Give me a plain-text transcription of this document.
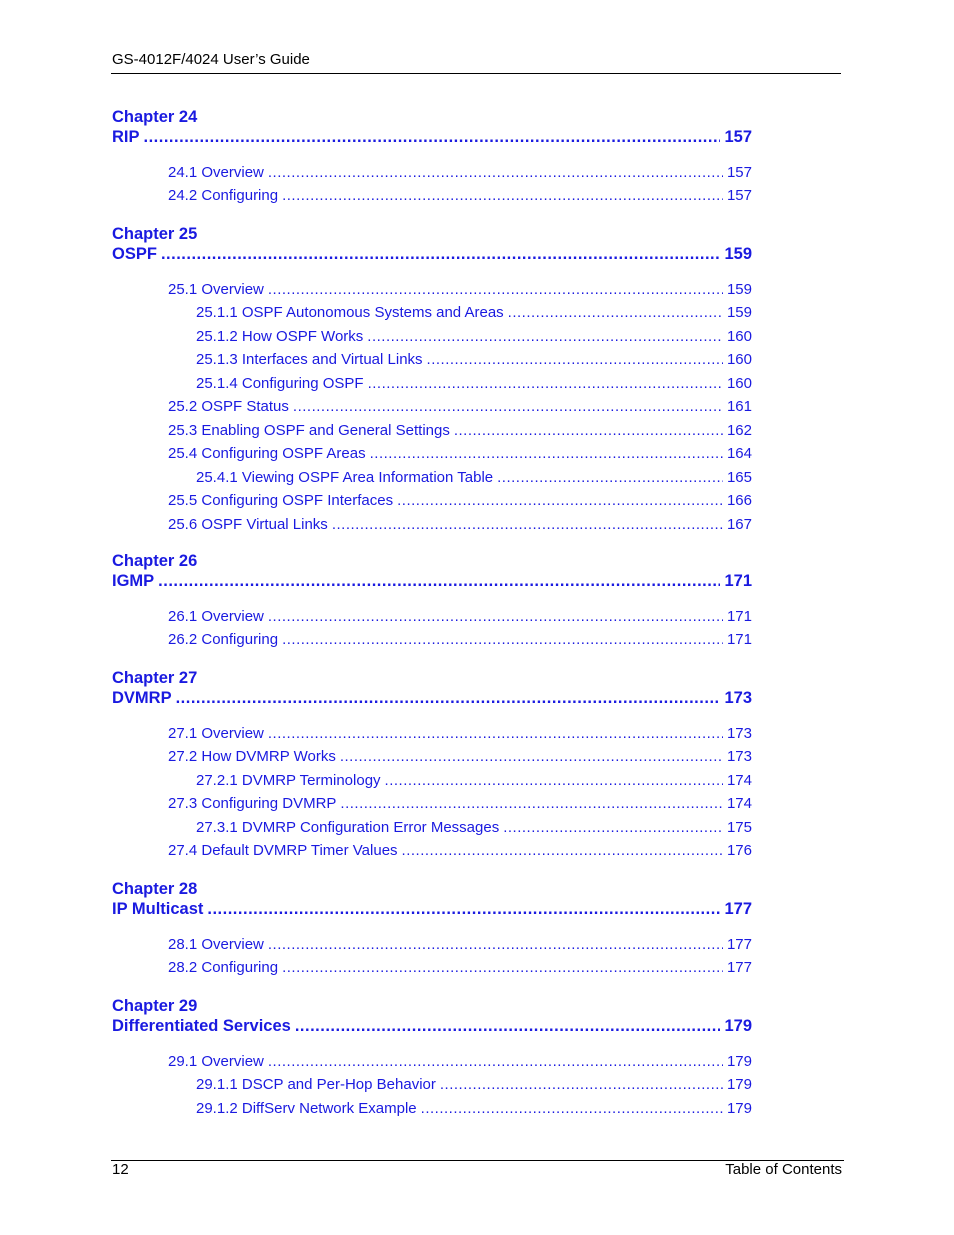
GS-4012F/4024 User’s Guide
Chapter 24
RIP .....	157
24.1 Overview .....	157
24.2 Configuring .....	157
Chapter 25
OSPF .....	159
25.1 Overview .....	159
25.1.1 OSPF Autonomous Systems and Areas .....	159
25.1.2 How OSPF Works .....	160
25.1.3 Interfaces and Virtual Links .....	160
25.1.4 Configuring OSPF .....	160
25.2 OSPF Status .....	161
25.3 Enabling OSPF and General Settings .....	162
25.4 Configuring OSPF Areas .....	164
25.4.1 Viewing OSPF Area Information Table .....	165
25.5 Configuring OSPF Interfaces .....	166
25.6 OSPF Virtual Links .....	167
Chapter 26
IGMP .....	171
26.1 Overview .....	171
26.2 Configuring .....	171
Chapter 27
DVMRP .....	173
27.1 Overview .....	173
27.2 How DVMRP Works .....	173
27.2.1 DVMRP Terminology .....	174
27.3 Configuring DVMRP .....	174
27.3.1 DVMRP Configuration Error Messages .....	175
27.4 Default DVMRP Timer Values .....	176
Chapter 28
IP Multicast .....	177
28.1 Overview .....	177
28.2 Configuring .....	177
Chapter 29
Differentiated Services .....	179
29.1 Overview .....	179
29.1.1 DSCP and Per-Hop Behavior .....	179
29.1.2 DiffServ Network Example .....	179
12	Table of Contents
